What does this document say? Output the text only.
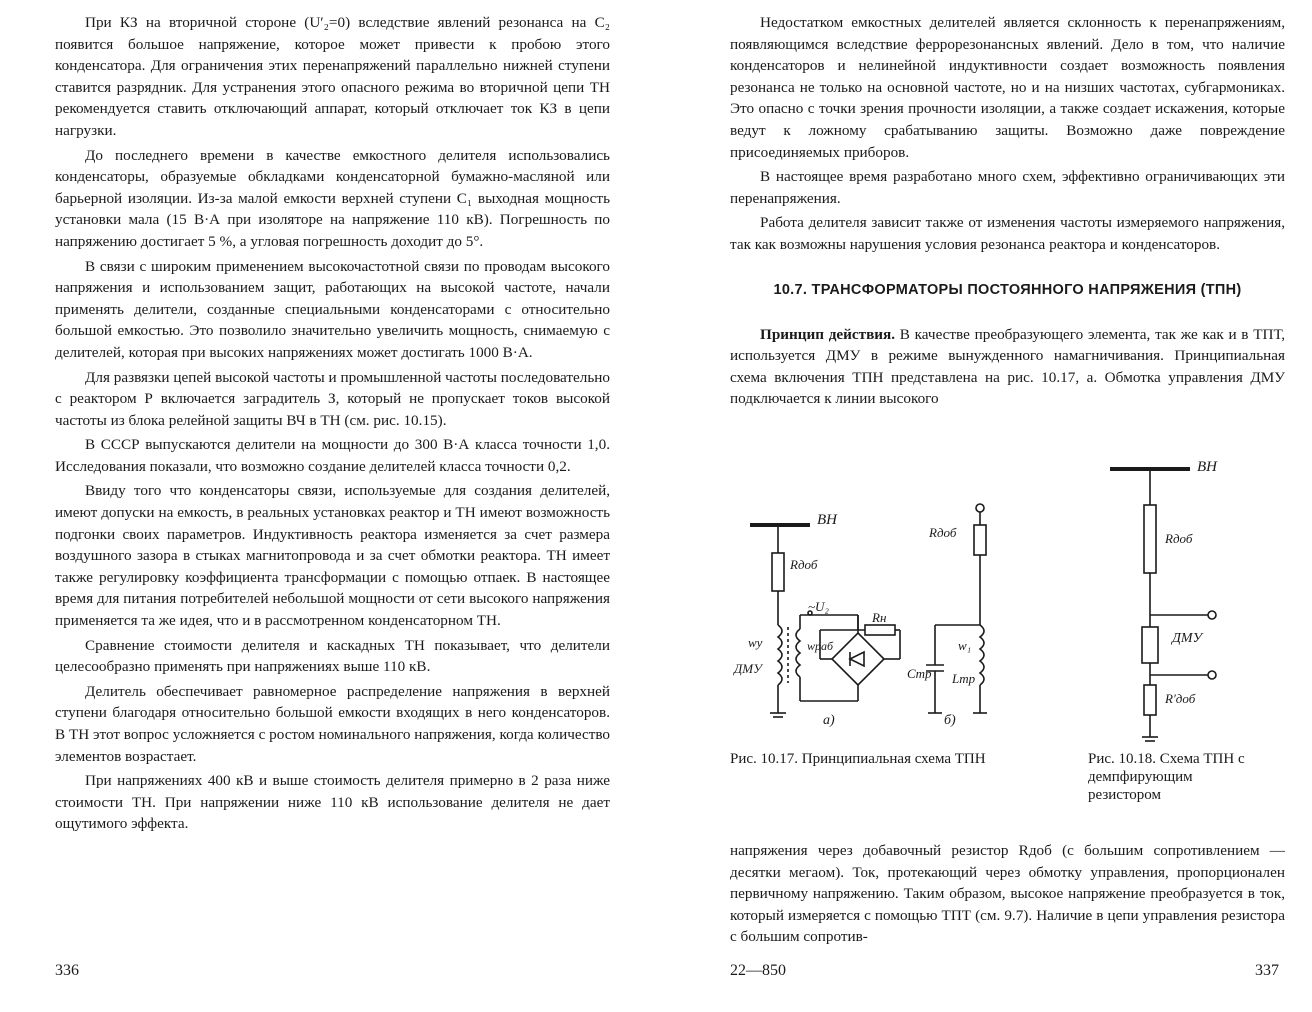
При КЗ на вторичной стороне (U′₂=0) вследствие явлений резонанса на C₂ появится большое напряжение, которое может привести к пробою этого конденсатора. Для ограничения этих перенапряжений параллельно нижней ступени ставится разрядник. Для устранения этого опасного режима во вторичной цепи ТН рекомендуется ставить отключающий аппарат, который отключает ток КЗ в цепи нагрузки.

До последнего времени в качестве емкостного делителя использовались конденсаторы, образуемые обкладками конденсаторной бумажно-масляной или барьерной изоляции. Из-за малой емкости верхней ступени C₁ выходная мощность установки мала (15 В·А при изоляторе на напряжение 110 кВ). Погрешность по напряжению достигает 5 %, а угловая погрешность доходит до 5°.

В связи с широким применением высокочастотной связи по проводам высокого напряжения и использованием защит, работающих на высокой частоте, начали применять делители, созданные специальными конденсаторами с относительно большой емкостью. Это позволило значительно увеличить мощность, снимаемую с делителей, которая при высоких напряжениях может достигать 1000 В·А.

Для развязки цепей высокой частоты и промышленной частоты последовательно с реактором Р включается заградитель З, который не пропускает токов высокой частоты из блока релейной защиты ВЧ в ТН (см. рис. 10.15).

В СССР выпускаются делители на мощности до 300 В·А класса точности 1,0. Исследования показали, что возможно создание делителей класса точности 0,2.

Ввиду того что конденсаторы связи, используемые для создания делителей, имеют допуски на емкость, в реальных установках реактор и ТН имеют возможность подгонки своих параметров. Индуктивность реактора изменяется за счет размера воздушного зазора в стыках магнитопровода и за счет обмотки реактора. ТН имеет также регулировку коэффициента трансформации с помощью отпаек. В настоящее время для питания потребителей небольшой мощности от сети высокого напряжения применяется та же идея, что и в рассмотренном конденсаторном ТН.

Сравнение стоимости делителя и каскадных ТН показывает, что делители целесообразно применять при напряжениях выше 110 кВ.

Делитель обеспечивает равномерное распределение напряжения в верхней ступени благодаря относительно большой емкости входящих в него конденсаторов. В ТН этот вопрос усложняется с ростом номинального напряжения, когда количество элементов возрастает.

При напряжениях 400 кВ и выше стоимость делителя примерно в 2 раза ниже стоимости ТН. При напряжении ниже 110 кВ использование делителя не дает ощутимого эффекта.

336

Недостатком емкостных делителей является склонность к перенапряжениям, появляющимся вследствие феррорезонансных явлений. Дело в том, что наличие конденсаторов и нелинейной индуктивности создает возможность появления резонанса не только на основной частоте, но и на низших частотах, субгармониках. Это опасно с точки зрения прочности изоляции, а также создает искажения, которые ведут к ложному срабатыванию защиты. Возможно даже повреждение присоединяемых приборов.

В настоящее время разработано много схем, эффективно ограничивающих эти перенапряжения.

Работа делителя зависит также от изменения частоты измеряемого напряжения, так как возможны нарушения условия резонанса реактора и конденсаторов.

10.7. ТРАНСФОРМАТОРЫ ПОСТОЯННОГО НАПРЯЖЕНИЯ (ТПН)

Принцип действия. В качестве преобразующего элемента, так же как и в ТПТ, используется ДМУ в режиме вынужденного намагничивания. Принципиальная схема включения ТПН представлена на рис. 10.17, а. Обмотка управления ДМУ подключается к линии высокого

ВН
Rдоб
~U₂
Rн
wу	wраб
ДМУ	Cтр
w₁
Lтр
а)	б)
Rдоб
ВН
Rдоб
ДМУ
R′доб
Рис. 10.17. Принципиальная схема ТПН	Рис. 10.18. Схема ТПН с демпфирующим резистором

напряжения через добавочный резистор Rдоб (с большим сопротивлением — десятки мегаом). Ток, протекающий через обмотку управления, пропорционален первичному напряжению. Таким образом, высокое напряжение преобразуется в ток, который измеряется с помощью ТПТ (см. 9.7). Наличие в цепи управления резистора с большим сопротив-

22—850	337
